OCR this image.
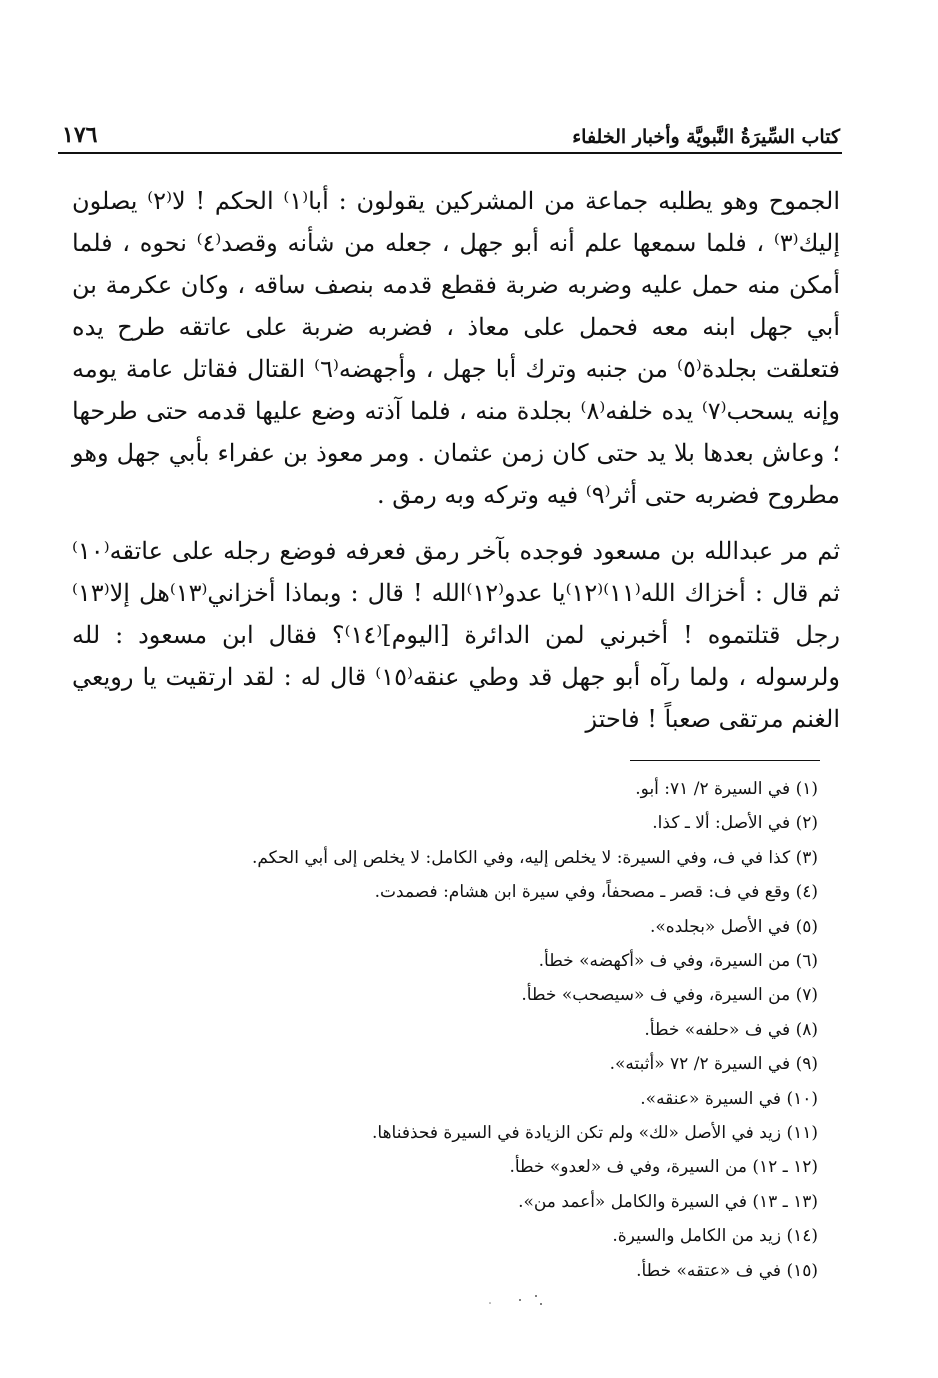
كتاب السِّيرَةُ النَّبويَّة وأخبار الخلفاء
١٧٦

الجموح وهو يطلبه جماعة من المشركين يقولون : أبا⁽١⁾ الحكم ! لا⁽٢⁾ يصلون إليك⁽٣⁾ ، فلما سمعها علم أنه أبو جهل ، جعله من شأنه وقصد⁽٤⁾ نحوه ، فلما أمكن منه حمل عليه وضربه ضربة فقطع قدمه بنصف ساقه ، وكان عكرمة بن أبي جهل ابنه معه فحمل على معاذ ، فضربه ضربة على عاتقه طرح يده فتعلقت بجلدة⁽٥⁾ من جنبه وترك أبا جهل ، وأجهضه⁽٦⁾ القتال فقاتل عامة يومه وإنه يسحب⁽٧⁾ يده خلفه⁽٨⁾ بجلدة منه ، فلما آذته وضع عليها قدمه حتى طرحها ؛ وعاش بعدها بلا يد حتى كان زمن عثمان . ومر معوذ بن عفراء بأبي جهل وهو مطروح فضربه حتى أثر⁽٩⁾ فيه وتركه وبه رمق .

ثم مر عبدالله بن مسعود فوجده بآخر رمق فعرفه فوضع رجله على عاتقه⁽١٠⁾ثم قال : أخزاك الله⁽١١⁾⁽١٢⁾يا عدو⁽١٢⁾الله ! قال : وبماذا أخزاني⁽١٣⁾هل إلا⁽١٣⁾رجل قتلتموه ! أخبرني لمن الدائرة [اليوم]⁽١٤⁾؟ فقال ابن مسعود : لله ولرسوله ، ولما رآه أبو جهل قد وطي عنقه⁽١٥⁾ قال له : لقد ارتقيت يا رويعي الغنم مرتقى صعباً ! فاحتز

(١) في السيرة ٢/ ٧١: أبو.
(٢) في الأصل: ألا ـ كذا.
(٣) كذا في ف، وفي السيرة: لا يخلص إليه، وفي الكامل: لا يخلص إلى أبي الحكم.
(٤) وقع في ف: قصر ـ مصحفاً، وفي سيرة ابن هشام: فصمدت.
(٥) في الأصل «بجلده».
(٦) من السيرة، وفي ف «أكهضه» خطأ.
(٧) من السيرة، وفي ف «سيصحب» خطأ.
(٨) في ف «حلفه» خطأ.
(٩) في السيرة ٢/ ٧٢ «أثبته».
(١٠) في السيرة «عنقه».
(١١) زيد في الأصل «لك» ولم تكن الزيادة في السيرة فحذفناها.
(١٢ ـ ١٢) من السيرة، وفي ف «لعدو» خطأ.
(١٣ ـ ١٣) في السيرة والكامل «أعمد من».
(١٤) زيد من الكامل والسيرة.
(١٥) في ف «عتقه» خطأ.
